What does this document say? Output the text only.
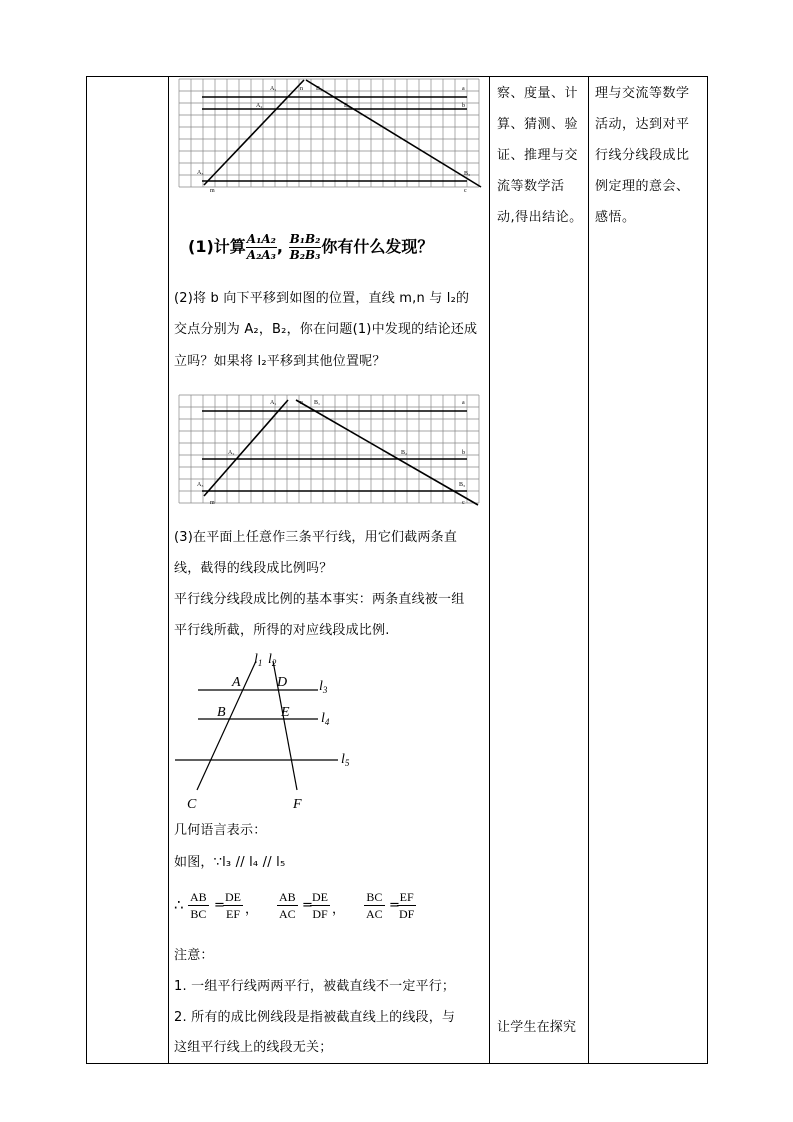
察、度量、计
算、猜测、验
证、推理与交
流等数学活
动,得出结论。
让学生在探究
理与交流等数学
活动，达到对平
行线分线段成比
例定理的意会、
感悟。
A₁	n B₁	a
A₂	B₂	b
A₃	B₃
m	c
(1)计算 $\frac{\text{A₁A₂}}{\text{A₂A₃}}$ , $\frac{\text{B₁B₂}}{\text{B₂B₃}}$ 你有什么发现？
(2)将 b 向下平移到如图的位置，直线 m,n 与 l₂的
交点分别为 A₂，B₂，你在问题(1)中发现的结论还成
立吗？如果将 l₂平移到其他位置呢？
A₁	n B₁	a
A₂	B₂	b
A₃	B₃
m	c
(3)在平面上任意作三条平行线，用它们截两条直
线，截得的线段成比例吗？
平行线分线段成比例的基本事实：两条直线被一组
平行线所截，所得的对应线段成比例.
$l_1$ $l_2$
$l_3$
$l_4$
$l_5$
A	D
B	E
C	F
几何语言表示：
如图，∵l₃ // l₄ // l₅
∴ $\frac{AB}{BC}$ =
$\frac{DE}{EF}$ ， $\frac{AB}{AC}$ =
$\frac{DE}{DF}$ ， $\frac{BC}{AC}$ =
$\frac{EF}{DF}$
注意：
1. 一组平行线两两平行，被截直线不一定平行；
2. 所有的成比例线段是指被截直线上的线段，与
这组平行线上的线段无关；
